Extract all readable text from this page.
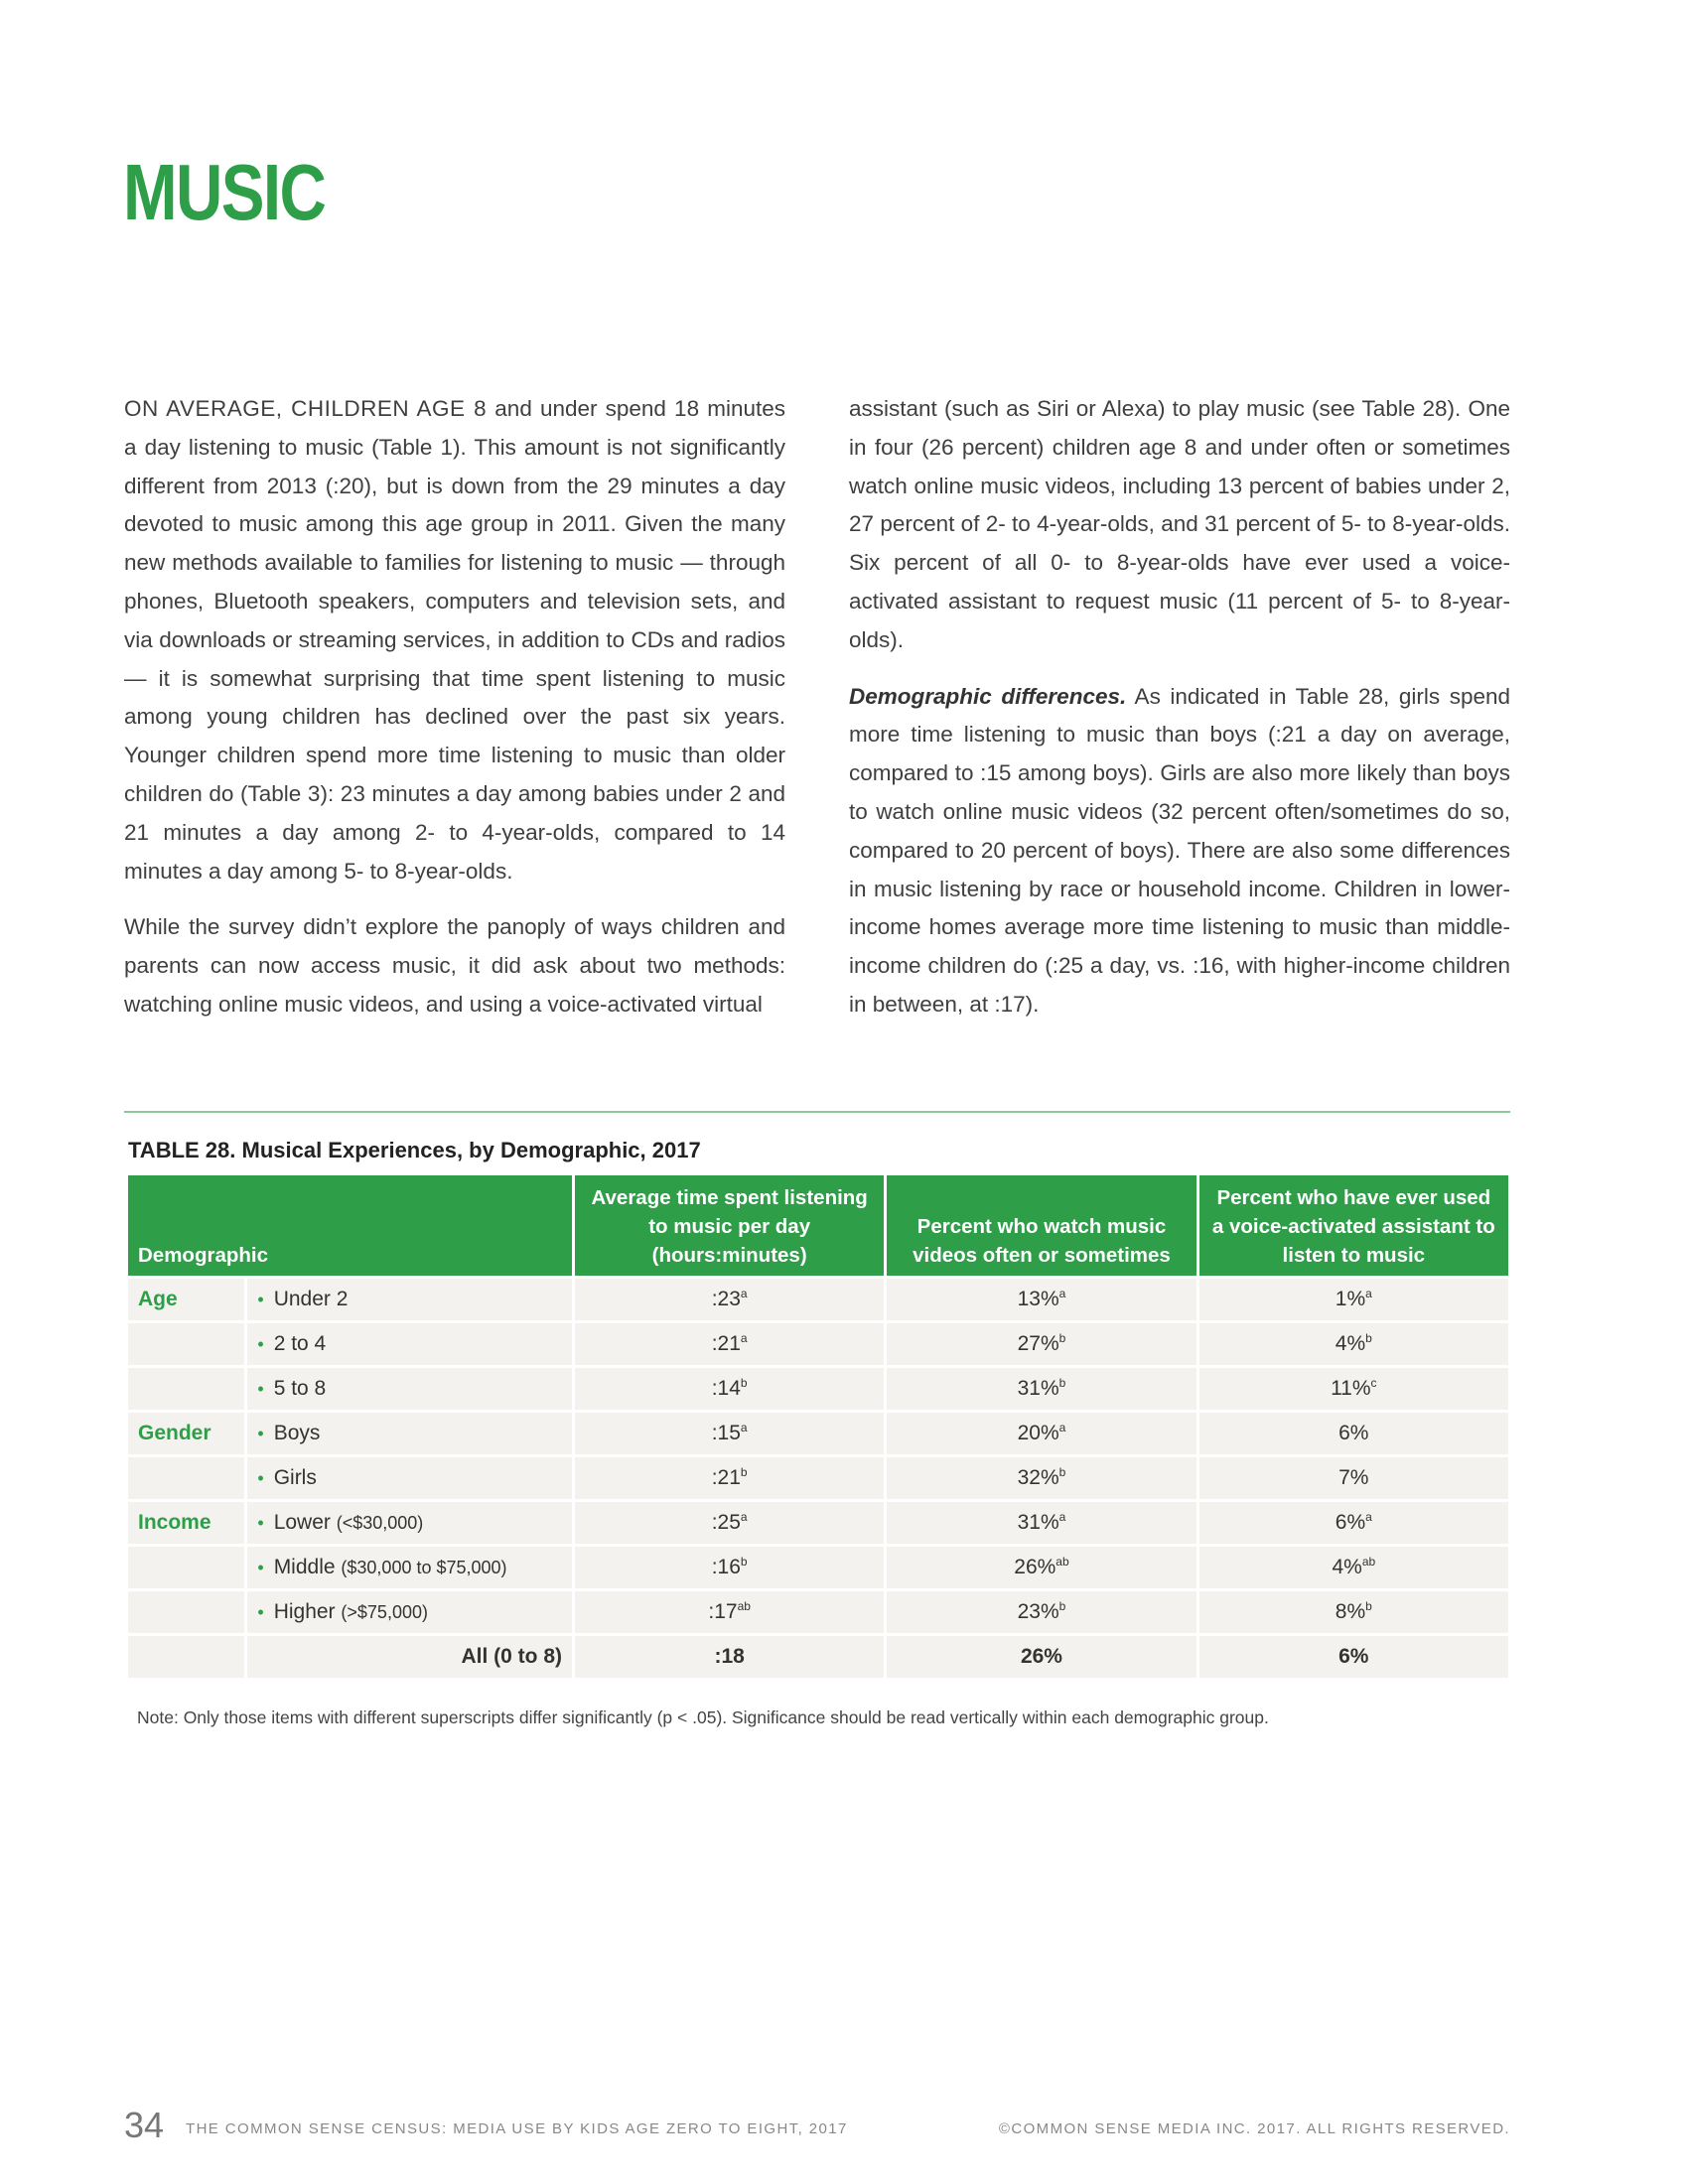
MUSIC

ON AVERAGE, CHILDREN AGE 8 and under spend 18 minutes a day listening to music (Table 1). This amount is not significantly different from 2013 (:20), but is down from the 29 minutes a day devoted to music among this age group in 2011. Given the many new methods available to families for listening to music — through phones, Bluetooth speakers, computers and television sets, and via downloads or streaming services, in addition to CDs and radios — it is somewhat surprising that time spent listening to music among young children has declined over the past six years. Younger children spend more time listening to music than older children do (Table 3): 23 minutes a day among babies under 2 and 21 minutes a day among 2- to 4-year-olds, compared to 14 minutes a day among 5- to 8-year-olds.

While the survey didn’t explore the panoply of ways children and parents can now access music, it did ask about two methods: watching online music videos, and using a voice-activated virtual

assistant (such as Siri or Alexa) to play music (see Table 28). One in four (26 percent) children age 8 and under often or sometimes watch online music videos, including 13 percent of babies under 2, 27 percent of 2- to 4-year-olds, and 31 percent of 5- to 8-year-olds. Six percent of all 0- to 8-year-olds have ever used a voice-activated assistant to request music (11 percent of 5- to 8-year-olds).

Demographic differences. As indicated in Table 28, girls spend more time listening to music than boys (:21 a day on average, compared to :15 among boys). Girls are also more likely than boys to watch online music videos (32 percent often/sometimes do so, compared to 20 percent of boys). There are also some differences in music listening by race or household income. Children in lower-income homes average more time listening to music than middle-income children do (:25 a day, vs. :16, with higher-income children in between, at :17).

TABLE 28. Musical Experiences, by Demographic, 2017
Demographic		Average time spent listening to music per day (hours:minutes)	Percent who watch music videos often or sometimes	Percent who have ever used a voice-activated assistant to listen to music
Age	• Under 2	:23$^a$	13%$^a$	1%$^a$
	• 2 to 4	:21$^a$	27%$^b$	4%$^b$
	• 5 to 8	:14$^b$	31%$^b$	11%$^c$
Gender	• Boys	:15$^a$	20%$^a$	6%
	• Girls	:21$^b$	32%$^b$	7%
Income	• Lower (<$30,000)	:25$^a$	31%$^a$	6%$^a$
	• Middle ($30,000 to $75,000)	:16$^b$	26%$^{ab}$	4%$^{ab}$
	• Higher (>$75,000)	$:17^{ab}$	23%$^b$	8%$^b$
	All (0 to 8)	:18	26%	6%
Note: Only those items with different superscripts differ significantly (p < .05). Significance should be read vertically within each demographic group.
34 THE COMMON SENSE CENSUS: MEDIA USE BY KIDS AGE ZERO TO EIGHT, 2017	©COMMON SENSE MEDIA INC. 2017. ALL RIGHTS RESERVED.
